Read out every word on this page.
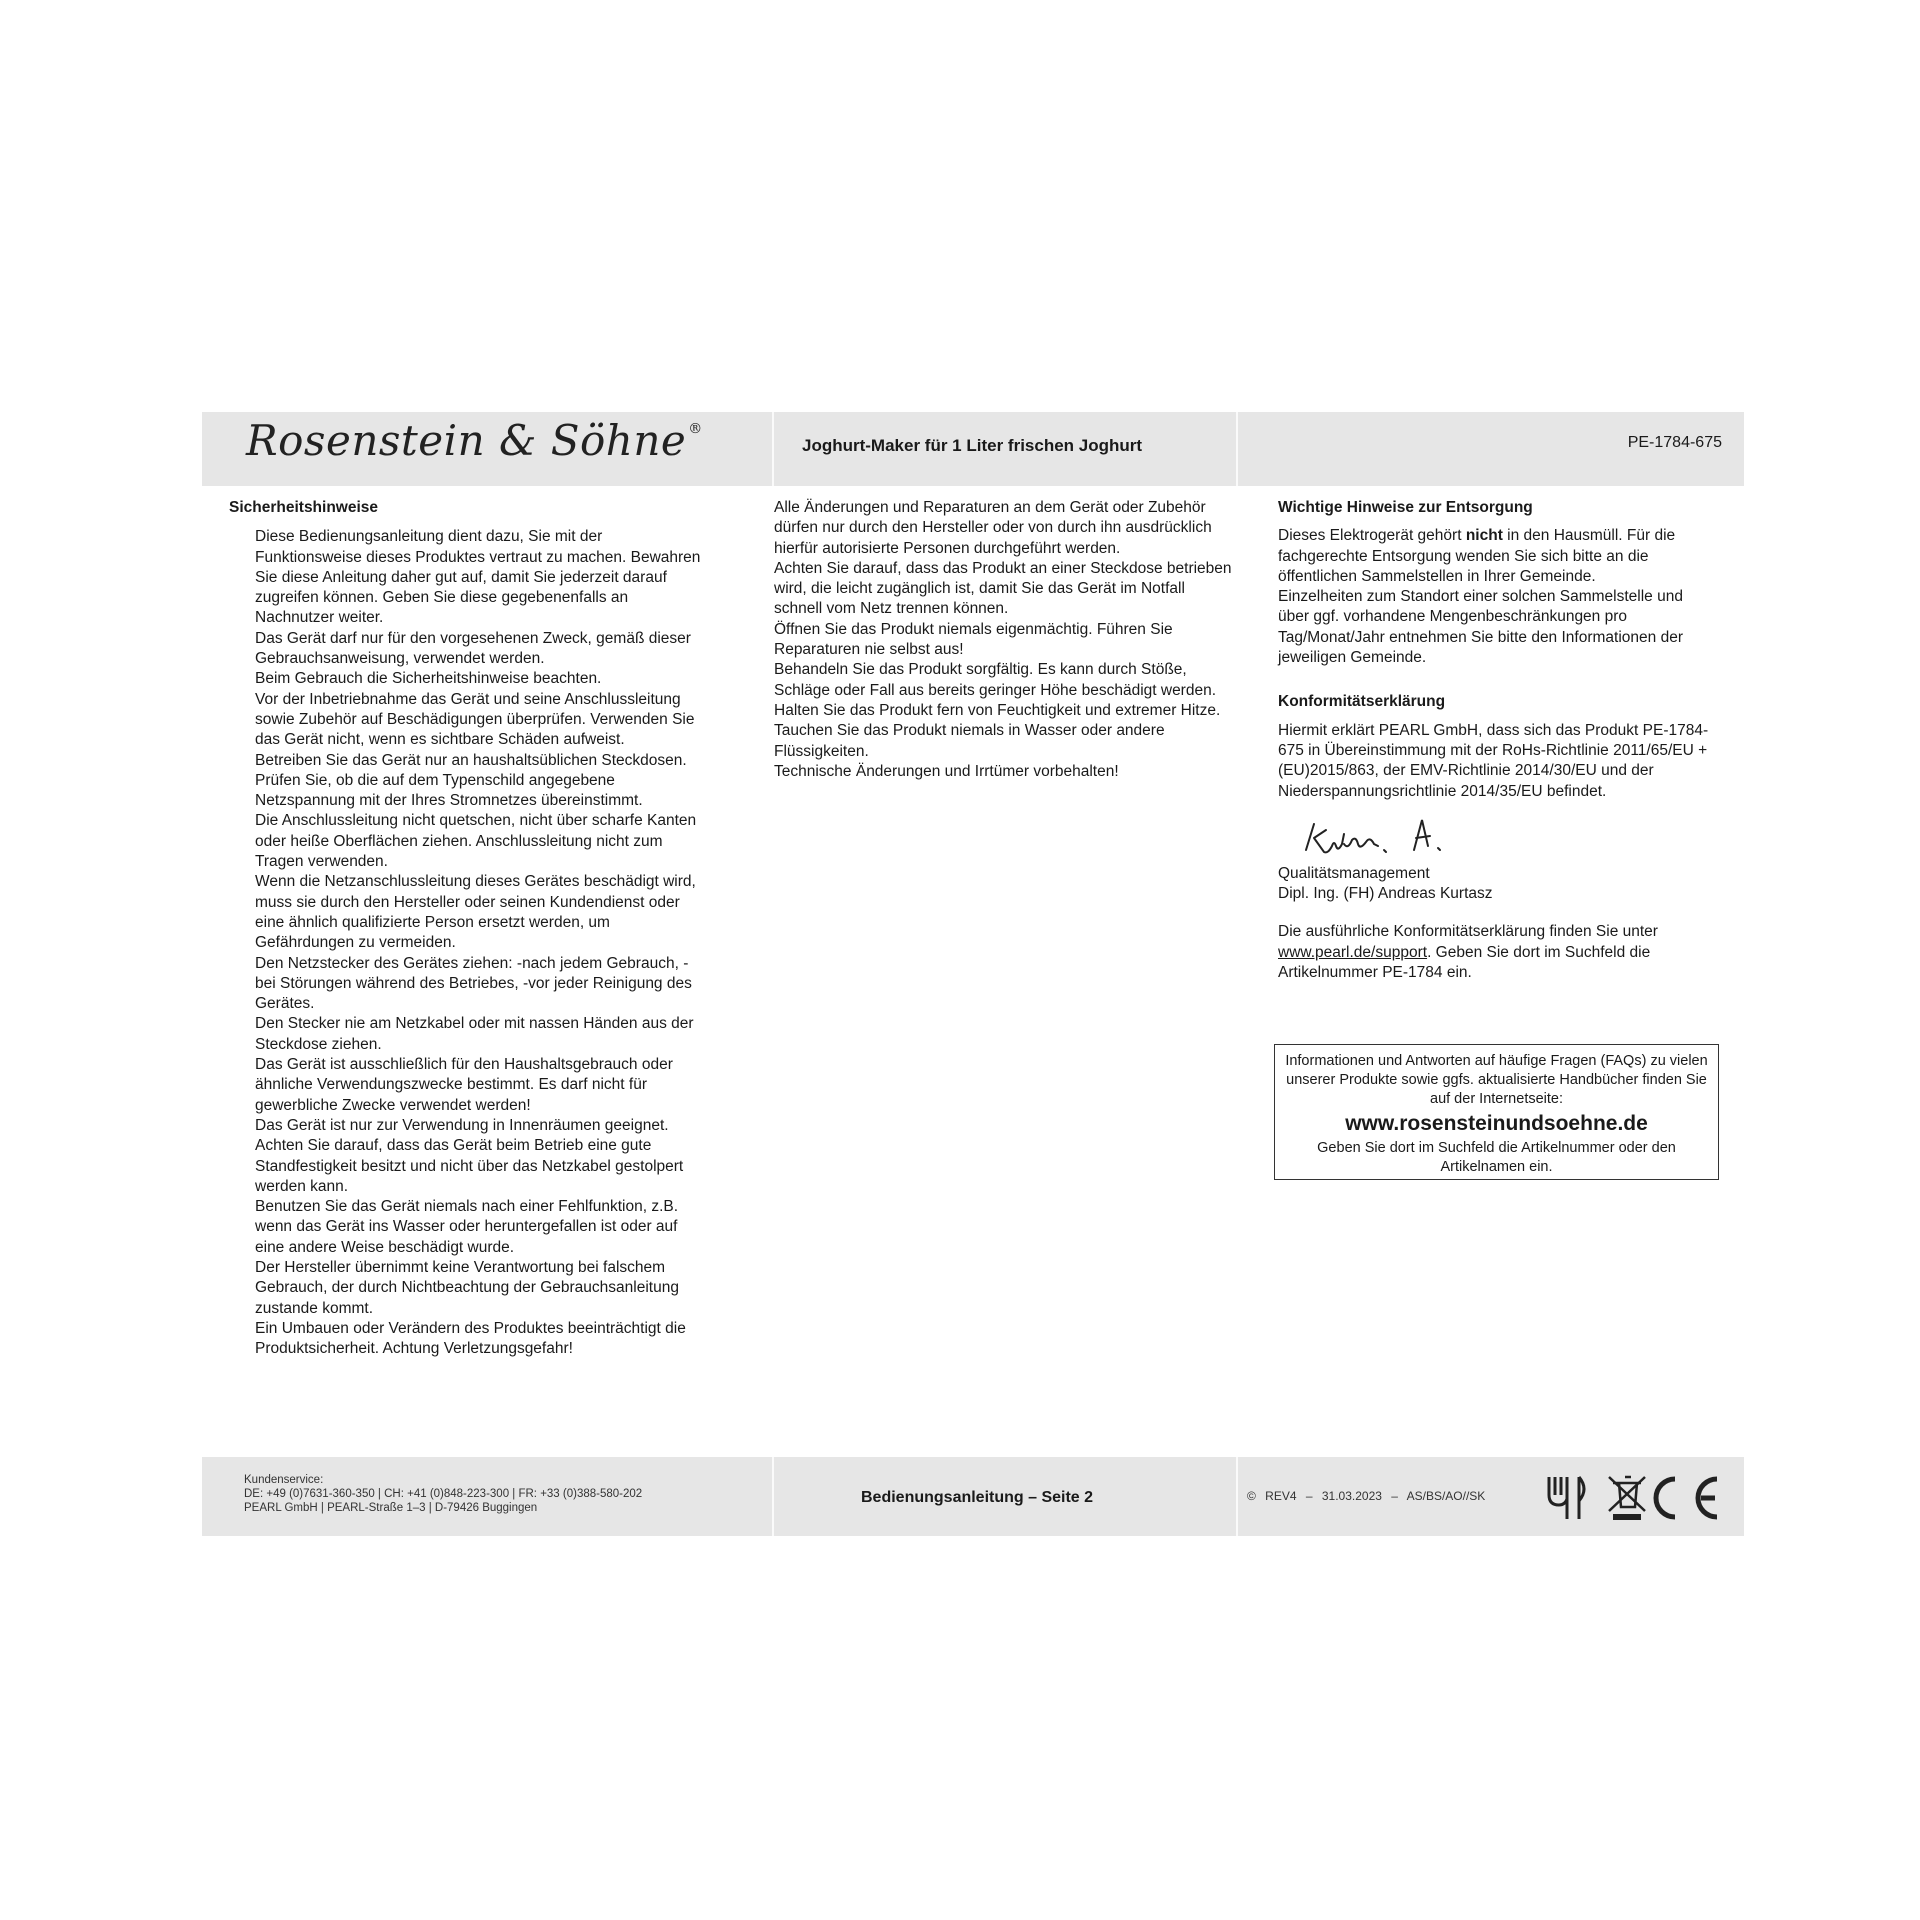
Rosenstein & Söhne ®
Joghurt-Maker für 1 Liter frischen Joghurt	PE-1784-675
Sicherheitshinweise
Diese Bedienungsanleitung dient dazu, Sie mit der Funktionsweise dieses Produktes vertraut zu machen. Bewahren Sie diese Anleitung daher gut auf, damit Sie jederzeit darauf zugreifen können. Geben Sie diese gegebenenfalls an Nachnutzer weiter.
Das Gerät darf nur für den vorgesehenen Zweck, gemäß dieser Gebrauchsanweisung, verwendet werden.
Beim Gebrauch die Sicherheitshinweise beachten.
Vor der Inbetriebnahme das Gerät und seine Anschlussleitung sowie Zubehör auf Beschädigungen überprüfen. Verwenden Sie das Gerät nicht, wenn es sichtbare Schäden aufweist.
Betreiben Sie das Gerät nur an haushaltsüblichen Steckdosen. Prüfen Sie, ob die auf dem Typenschild angegebene Netzspannung mit der Ihres Stromnetzes übereinstimmt.
Die Anschlussleitung nicht quetschen, nicht über scharfe Kanten oder heiße Oberflächen ziehen. Anschlussleitung nicht zum Tragen verwenden.
Wenn die Netzanschlussleitung dieses Gerätes beschädigt wird, muss sie durch den Hersteller oder seinen Kundendienst oder eine ähnlich qualifizierte Person ersetzt werden, um Gefährdungen zu vermeiden.
Den Netzstecker des Gerätes ziehen: -nach jedem Gebrauch, -bei Störungen während des Betriebes, -vor jeder Reinigung des Gerätes.
Den Stecker nie am Netzkabel oder mit nassen Händen aus der Steckdose ziehen.
Das Gerät ist ausschließlich für den Haushaltsgebrauch oder ähnliche Verwendungszwecke bestimmt. Es darf nicht für gewerbliche Zwecke verwendet werden!
Das Gerät ist nur zur Verwendung in Innenräumen geeignet.
Achten Sie darauf, dass das Gerät beim Betrieb eine gute Standfestigkeit besitzt und nicht über das Netzkabel gestolpert werden kann.
Benutzen Sie das Gerät niemals nach einer Fehlfunktion, z.B. wenn das Gerät ins Wasser oder heruntergefallen ist oder auf eine andere Weise beschädigt wurde.
Der Hersteller übernimmt keine Verantwortung bei falschem Gebrauch, der durch Nichtbeachtung der Gebrauchsanleitung zustande kommt.
Ein Umbauen oder Verändern des Produktes beeinträchtigt die Produktsicherheit. Achtung Verletzungsgefahr!

Alle Änderungen und Reparaturen an dem Gerät oder Zubehör dürfen nur durch den Hersteller oder von durch ihn ausdrücklich hierfür autorisierte Personen durchgeführt werden.

Achten Sie darauf, dass das Produkt an einer Steckdose betrieben wird, die leicht zugänglich ist, damit Sie das Gerät im Notfall schnell vom Netz trennen können.

Öffnen Sie das Produkt niemals eigenmächtig. Führen Sie Reparaturen nie selbst aus!

Behandeln Sie das Produkt sorgfältig. Es kann durch Stöße, Schläge oder Fall aus bereits geringer Höhe beschädigt werden.

Halten Sie das Produkt fern von Feuchtigkeit und extremer Hitze.

Tauchen Sie das Produkt niemals in Wasser oder andere Flüssigkeiten.

Technische Änderungen und Irrtümer vorbehalten!

Wichtige Hinweise zur Entsorgung

Dieses Elektrogerät gehört nicht in den Hausmüll. Für die fachgerechte Entsorgung wenden Sie sich bitte an die öffentlichen Sammelstellen in Ihrer Gemeinde.

Einzelheiten zum Standort einer solchen Sammelstelle und über ggf. vorhandene Mengenbeschränkungen pro Tag/Monat/Jahr entnehmen Sie bitte den Informationen der jeweiligen Gemeinde.

Konformitätserklärung

Hiermit erklärt PEARL GmbH, dass sich das Produkt PE-1784-675 in Übereinstimmung mit der RoHs-Richtlinie 2011/65/EU + (EU)2015/863, der EMV-Richtlinie 2014/30/EU und der Niederspannungsrichtlinie 2014/35/EU befindet.

Qualitätsmanagement

Dipl. Ing. (FH) Andreas Kurtasz

Die ausführliche Konformitätserklärung finden Sie unter www.pearl.de/support. Geben Sie dort im Suchfeld die Artikelnummer PE-1784 ein.

Informationen und Antworten auf häufige Fragen (FAQs) zu vielen unserer Produkte sowie ggfs. aktualisierte Handbücher finden Sie auf der Internetseite:
www.rosensteinundsoehne.de
Geben Sie dort im Suchfeld die Artikelnummer oder den Artikelnamen ein.
Kundenservice:
DE: +49 (0)7631-360-350 | CH: +41 (0)848-223-300 | FR: +33 (0)388-580-202
PEARL GmbH | PEARL-Straße 1–3 | D-79426 Buggingen
Bedienungsanleitung – Seite 2	© REV4 – 31.03.2023 – AS/BS/AO//SK
